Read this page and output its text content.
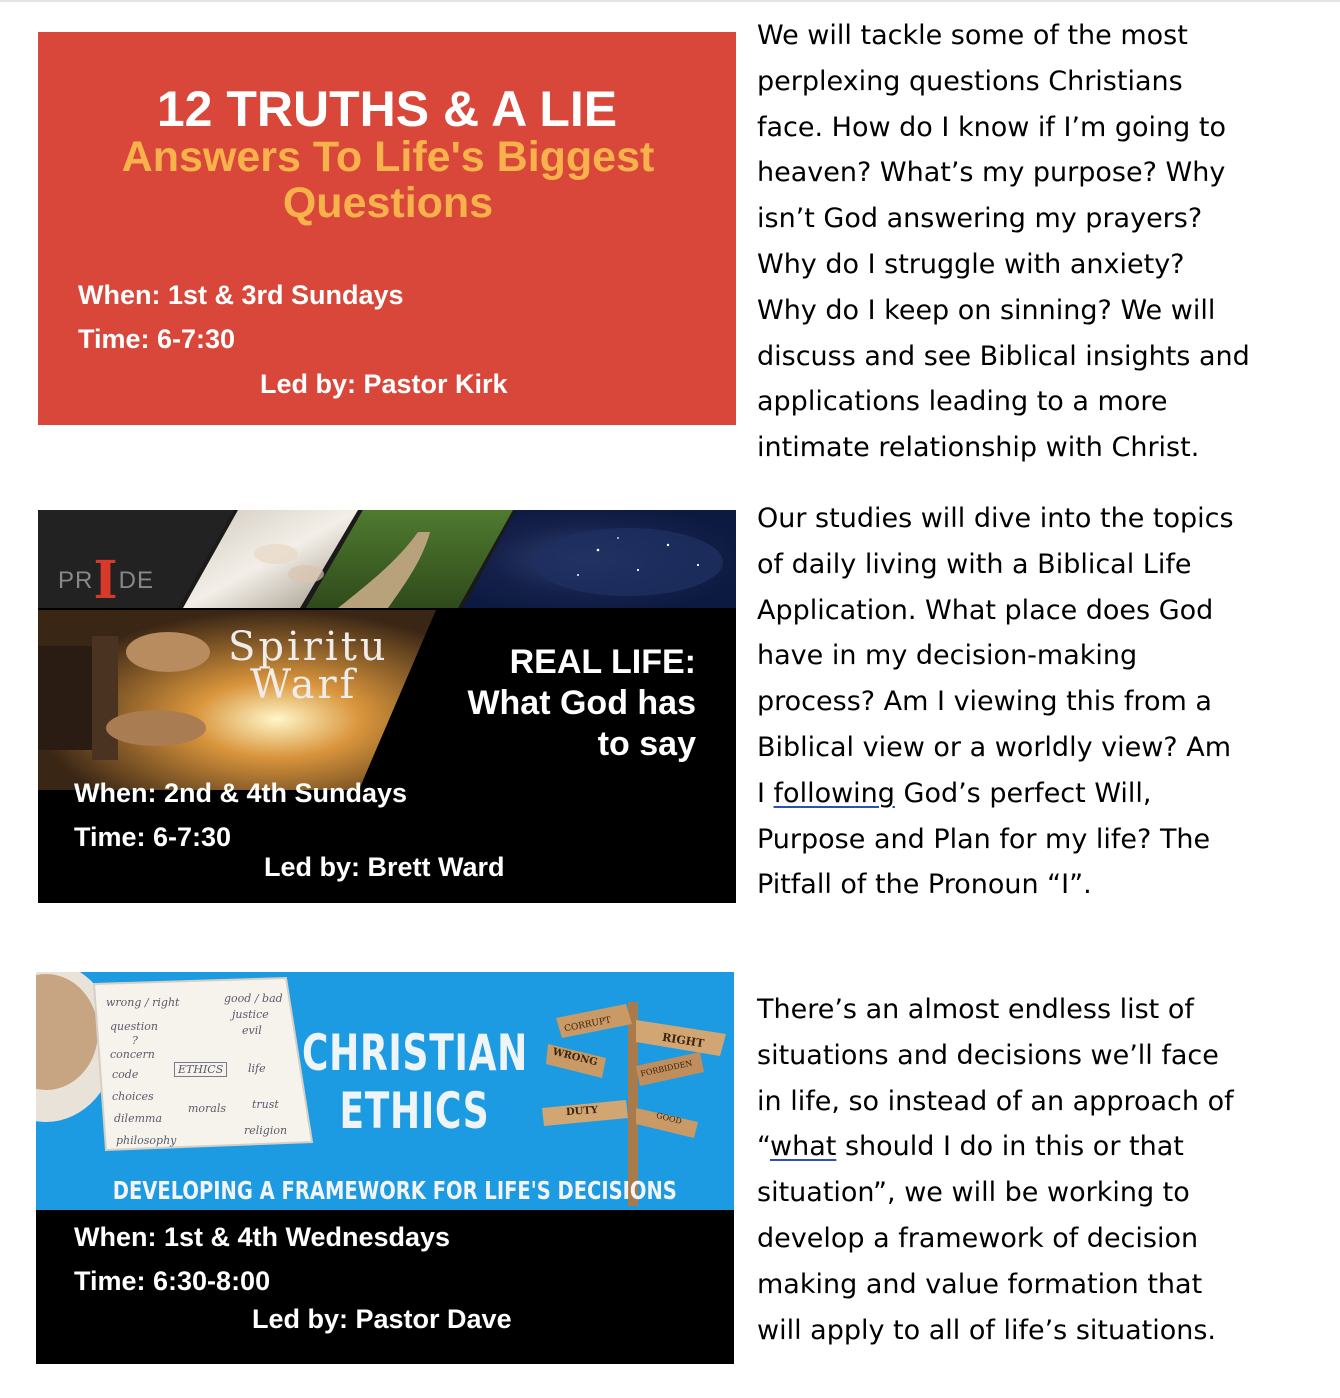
12 TRUTHS & A LIE
Answers To Life's Biggest
Questions
When: 1st & 3rd Sundays
Time: 6-7:30
Led by: Pastor Kirk
PRIDE
Spiritu
Warf	REAL LIFE:
What God has
to say
When: 2nd & 4th Sundays
Time: 6-7:30
Led by: Brett Ward
wrong / right	good / bad
question
justice
?
evil
concern
code	ETHICS	life
choices
dilemma
morals trust
philosophy
religion
CORRUPT
RIGHT
WRONG
FORBIDDEN
DUTY	GOOD
CHRISTIAN
ETHICS
DEVELOPING A FRAMEWORK FOR LIFE'S DECISIONS
When: 1st & 4th Wednesdays
Time: 6:30-8:00
Led by: Pastor Dave
We will tackle some of the most
perplexing questions Christians
face. How do I know if I’m going to
heaven? What’s my purpose? Why
isn’t God answering my prayers?
Why do I struggle with anxiety?
Why do I keep on sinning? We will
discuss and see Biblical insights and
applications leading to a more
intimate relationship with Christ.
Our studies will dive into the topics
of daily living with a Biblical Life
Application. What place does God
have in my decision-making
process? Am I viewing this from a
Biblical view or a worldly view? Am
I following God’s perfect Will,
Purpose and Plan for my life? The
Pitfall of the Pronoun “I”.
There’s an almost endless list of
situations and decisions we’ll face
in life, so instead of an approach of
“what should I do in this or that
situation”, we will be working to
develop a framework of decision
making and value formation that
will apply to all of life’s situations.
